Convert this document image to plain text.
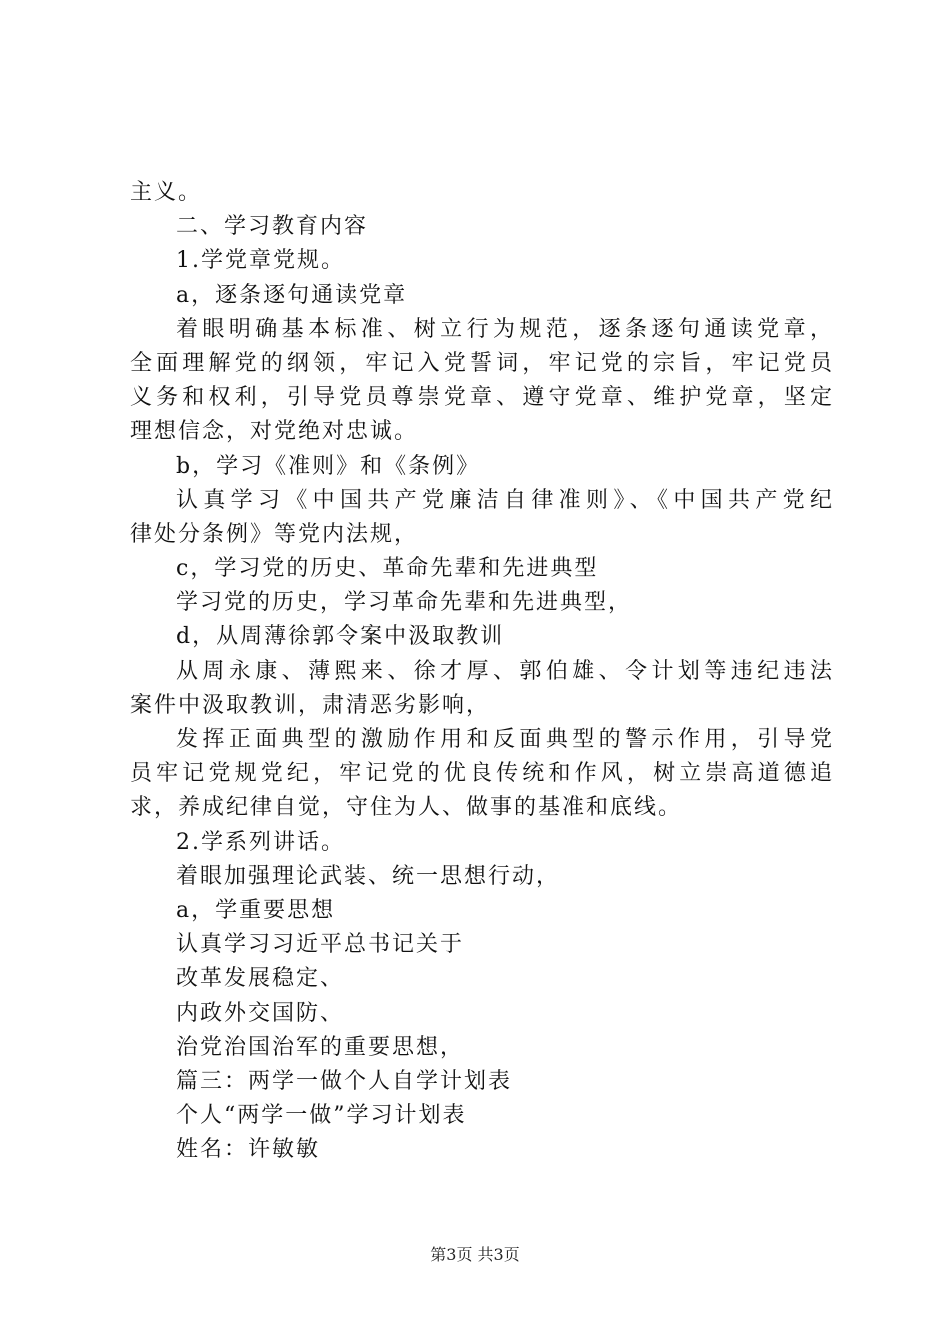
主义。
二、学习教育内容
1.学党章党规。
a，逐条逐句通读党章
着眼明确基本标准、树立行为规范，逐条逐句通读党章，
全面理解党的纲领，牢记入党誓词，牢记党的宗旨，牢记党员
义务和权利，引导党员尊崇党章、遵守党章、维护党章，坚定
理想信念，对党绝对忠诚。
b，学习《准则》和《条例》
认真学习《中国共产党廉洁自律准则》、《中国共产党纪
律处分条例》等党内法规，
c，学习党的历史、革命先辈和先进典型
学习党的历史，学习革命先辈和先进典型，
d，从周薄徐郭令案中汲取教训
从周永康、薄熙来、徐才厚、郭伯雄、令计划等违纪违法
案件中汲取教训，肃清恶劣影响，
发挥正面典型的激励作用和反面典型的警示作用，引导党
员牢记党规党纪，牢记党的优良传统和作风，树立崇高道德追
求，养成纪律自觉，守住为人、做事的基准和底线。
2.学系列讲话。
着眼加强理论武装、统一思想行动，
a，学重要思想
认真学习习近平总书记关于
改革发展稳定、
内政外交国防、
治党治国治军的重要思想，
篇三：两学一做个人自学计划表
个人“两学一做”学习计划表
姓名：许敏敏
第3页 共3页
